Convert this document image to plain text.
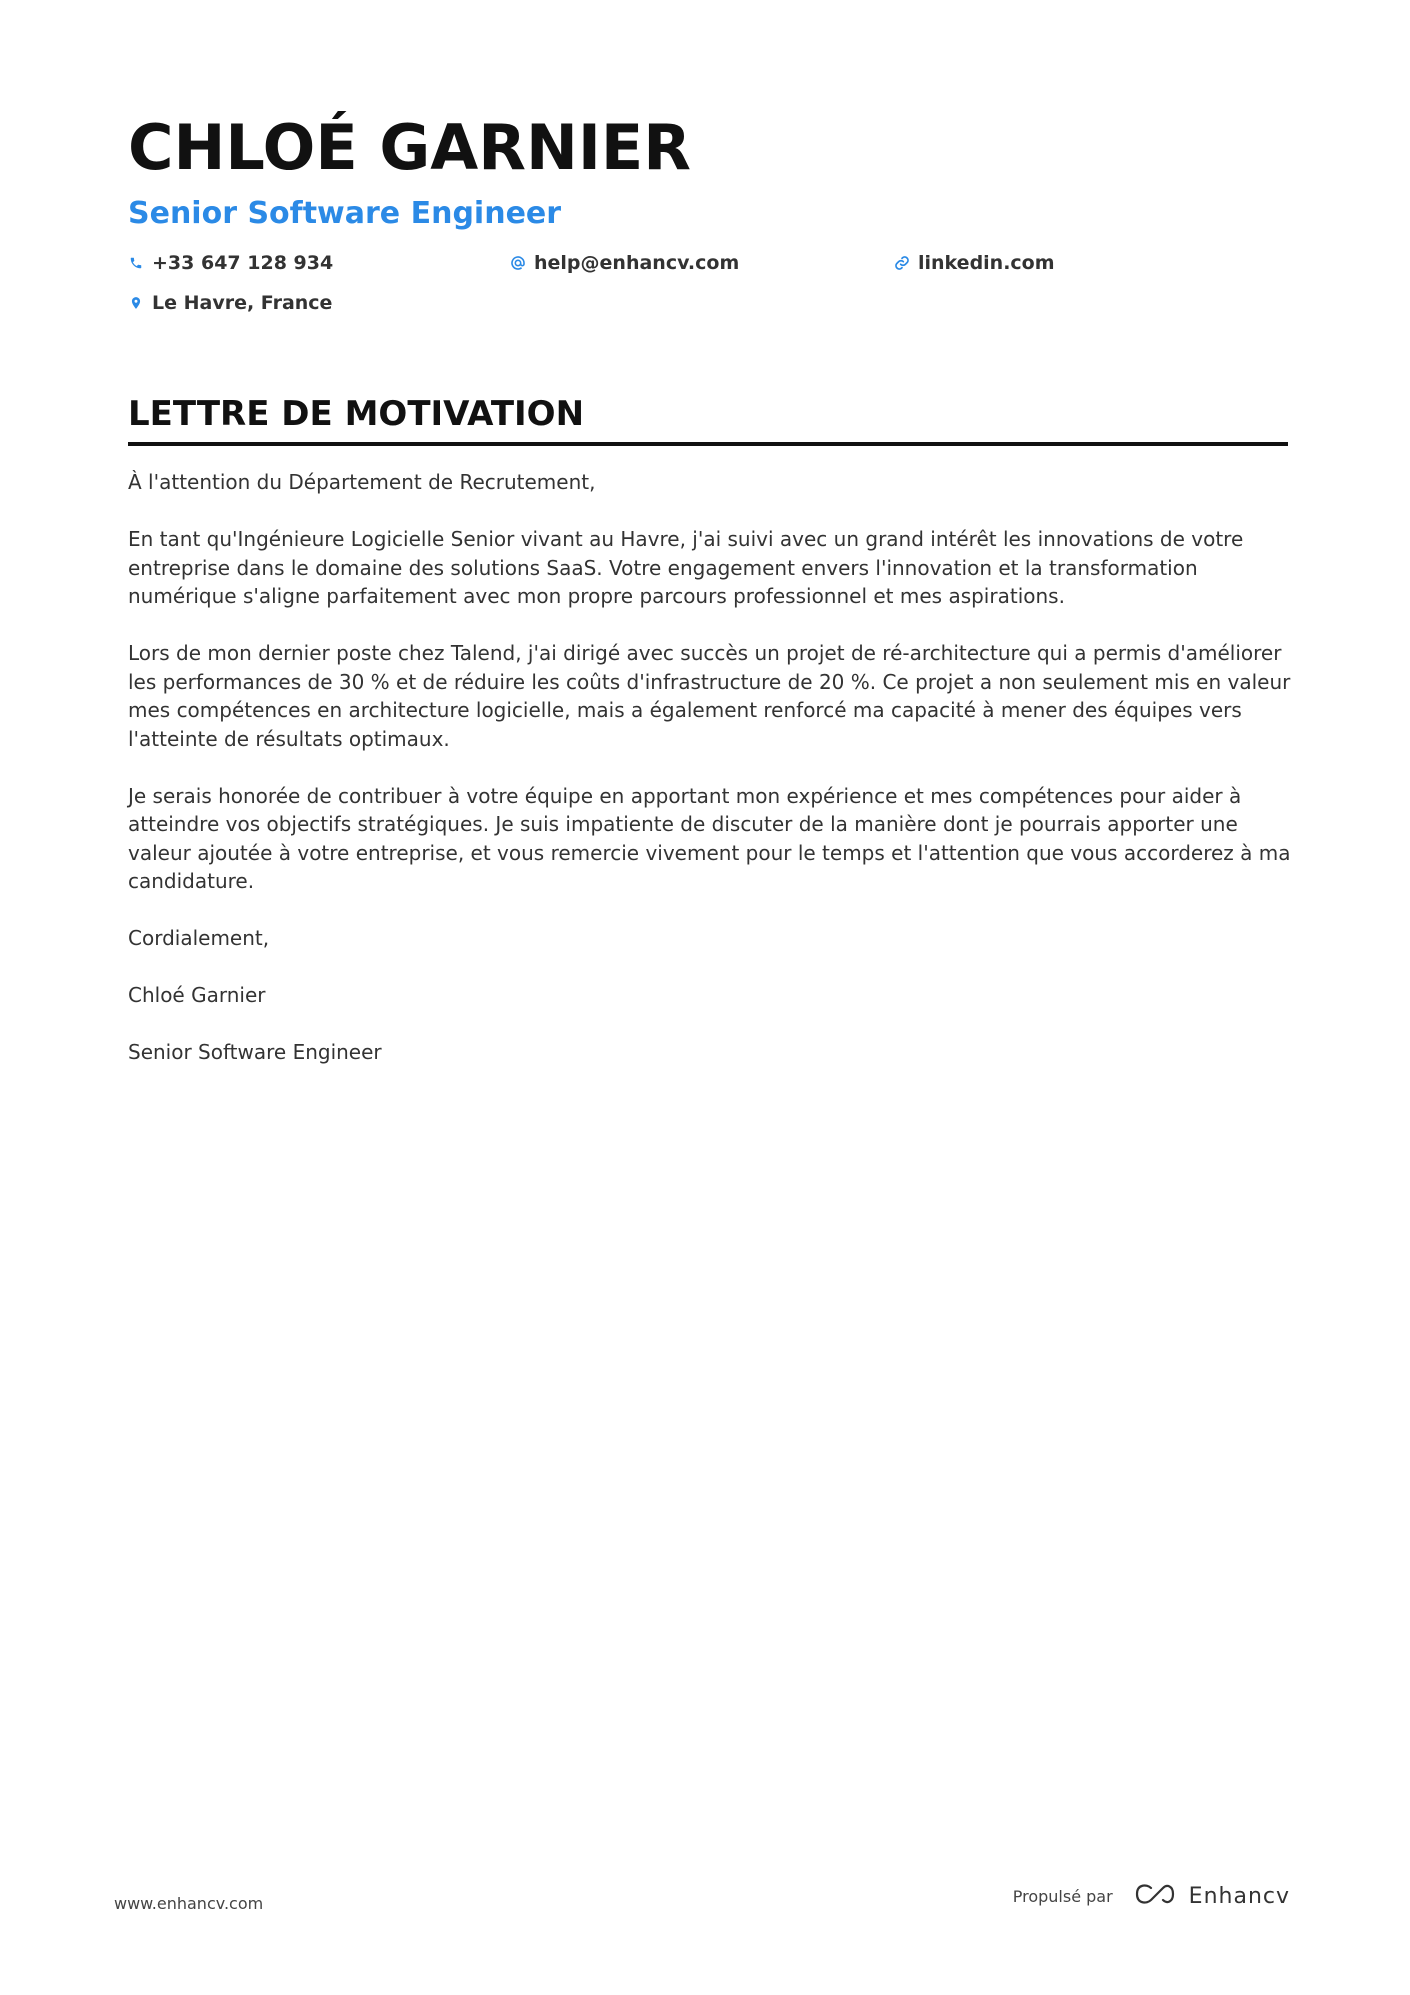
CHLOÉ GARNIER
Senior Software Engineer
+33 647 128 934	help@enhancv.com	linkedin.com
Le Havre, France
LETTRE DE MOTIVATION

À l'attention du Département de Recrutement,

En tant qu'Ingénieure Logicielle Senior vivant au Havre, j'ai suivi avec un grand intérêt les innovations de votre entreprise dans le domaine des solutions SaaS. Votre engagement envers l'innovation et la transformation numérique s'aligne parfaitement avec mon propre parcours professionnel et mes aspirations.

Lors de mon dernier poste chez Talend, j'ai dirigé avec succès un projet de ré-architecture qui a permis d'améliorer les performances de 30 % et de réduire les coûts d'infrastructure de 20 %. Ce projet a non seulement mis en valeur mes compétences en architecture logicielle, mais a également renforcé ma capacité à mener des équipes vers l'atteinte de résultats optimaux.

Je serais honorée de contribuer à votre équipe en apportant mon expérience et mes compétences pour aider à atteindre vos objectifs stratégiques. Je suis impatiente de discuter de la manière dont je pourrais apporter une valeur ajoutée à votre entreprise, et vous remercie vivement pour le temps et l'attention que vous accorderez à ma candidature.

Cordialement,

Chloé Garnier

Senior Software Engineer

www.enhancv.com	Propulsé par	Enhancv
